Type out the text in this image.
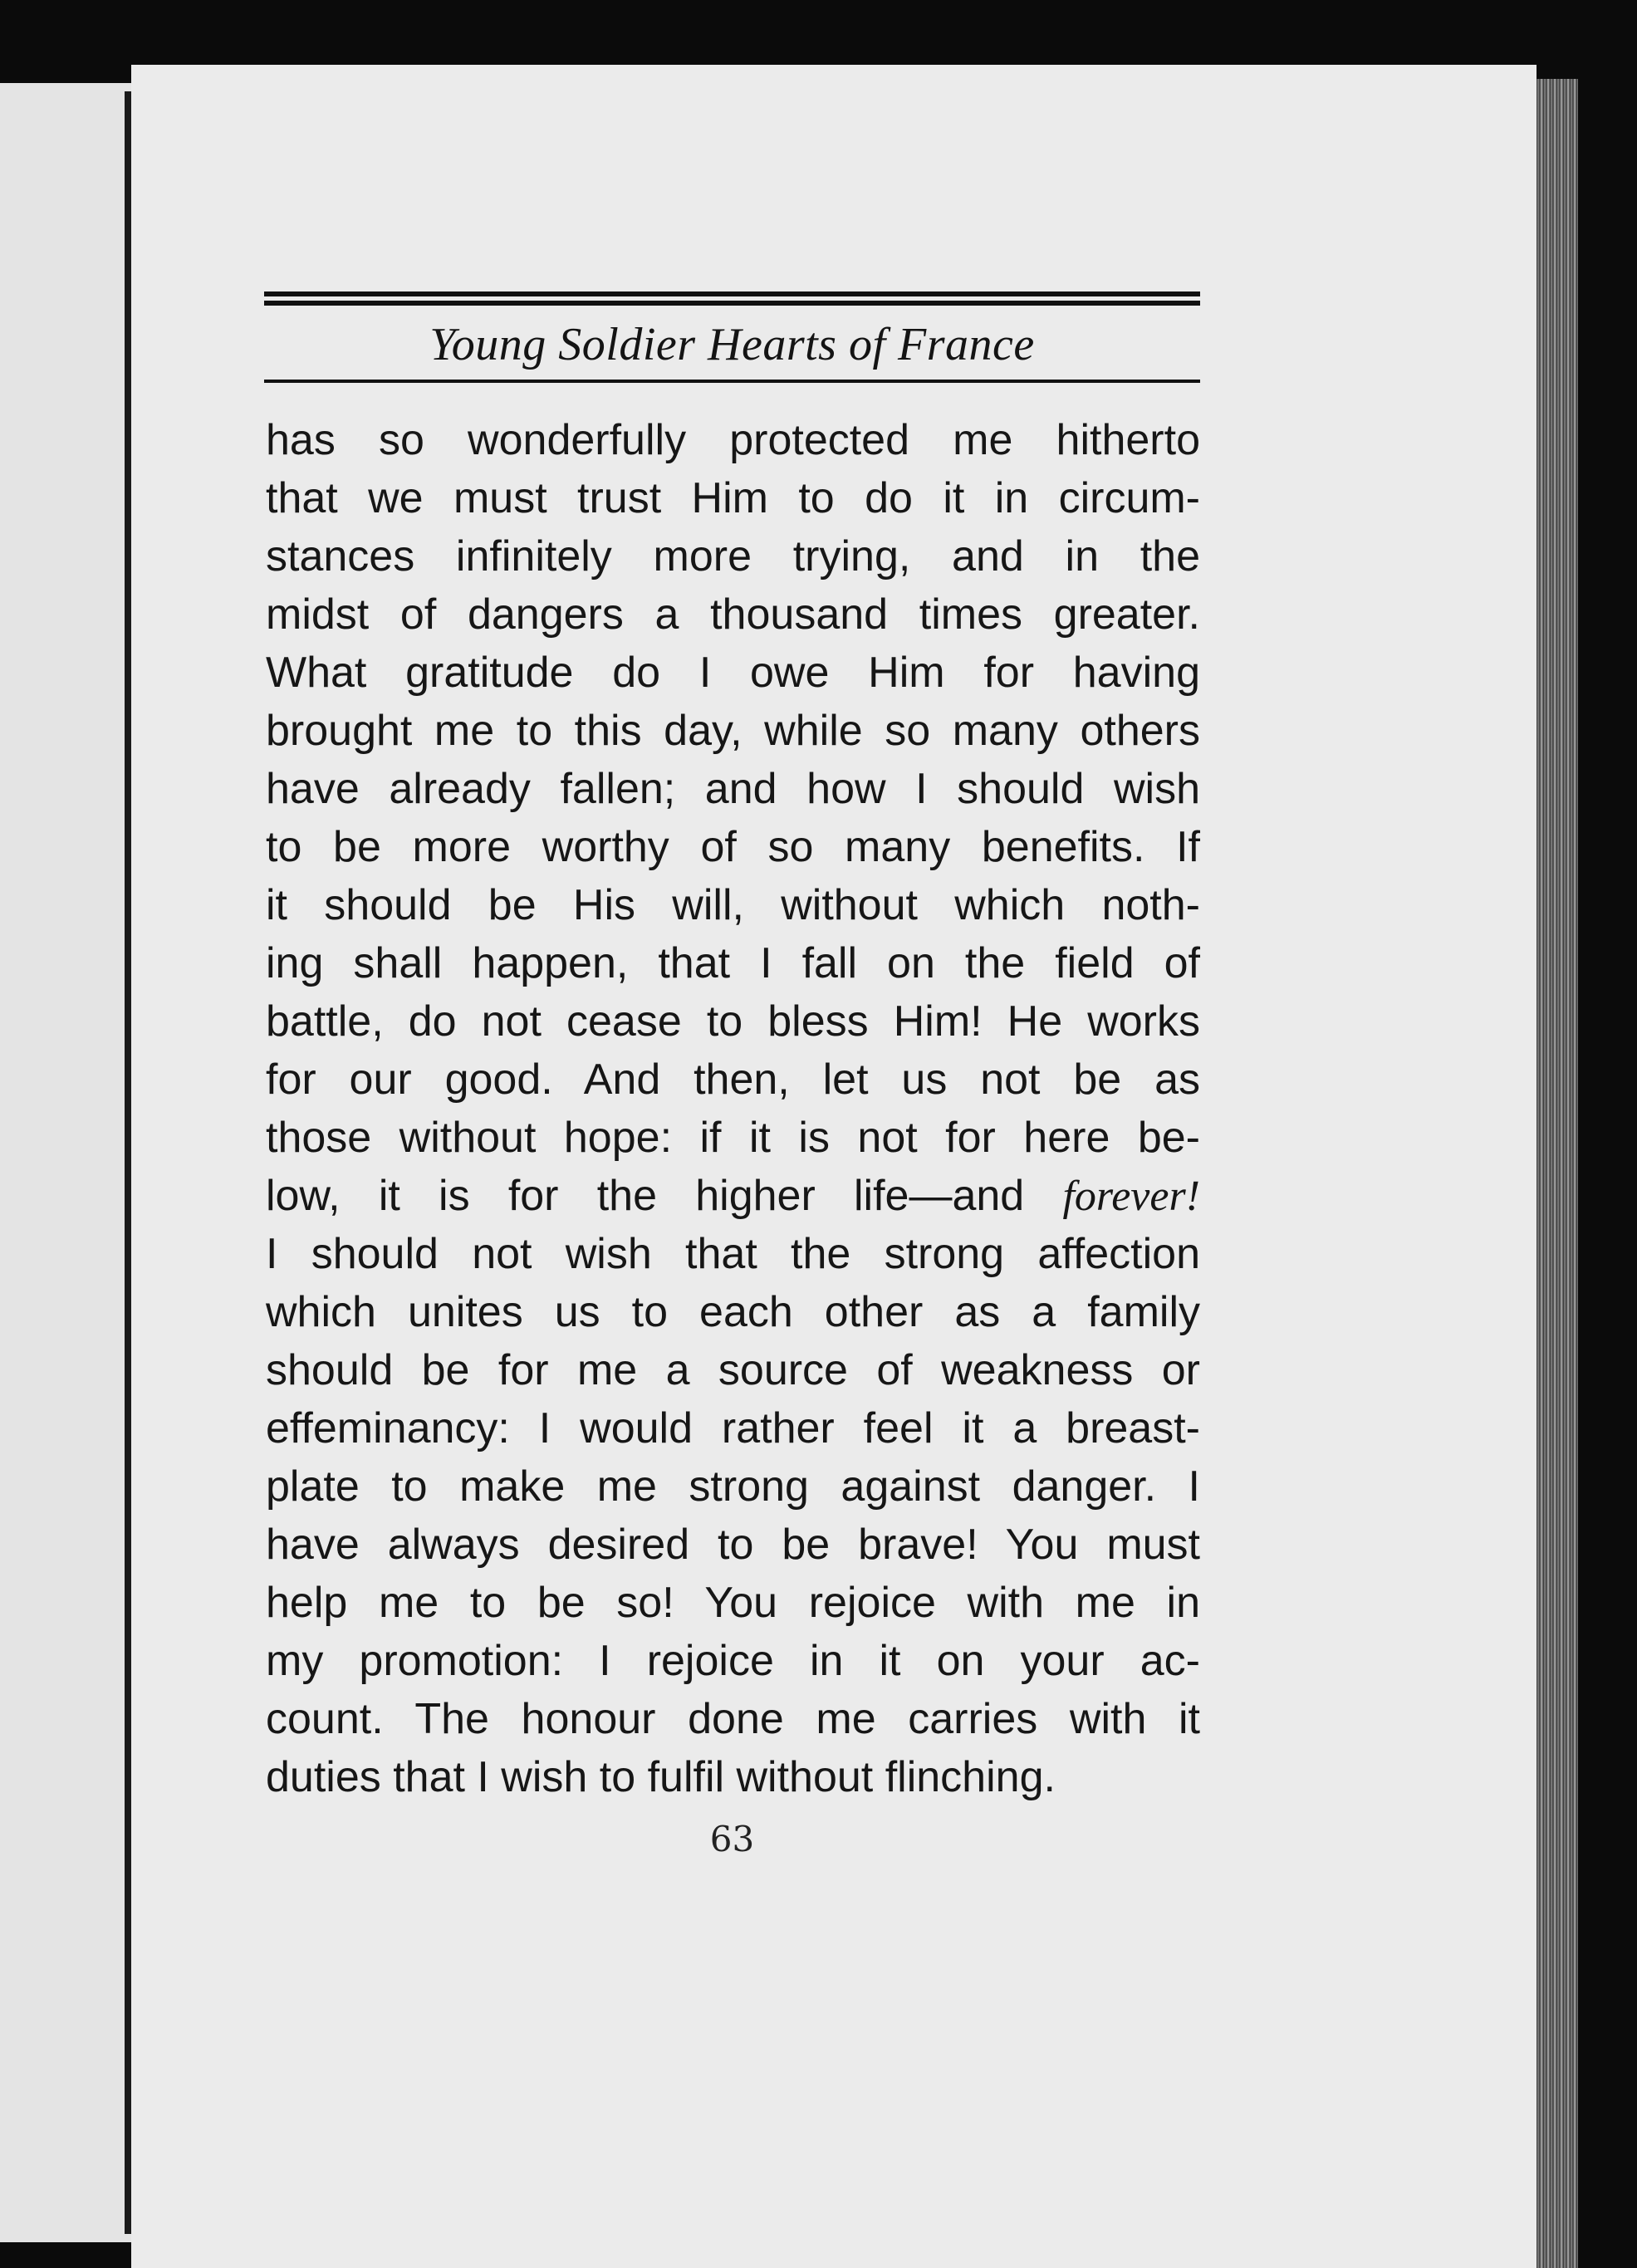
Young Soldier Hearts of France
has so wonderfully protected me hitherto
that we must trust Him to do it in circum-
stances infinitely more trying, and in the
midst of dangers a thousand times greater.
What gratitude do I owe Him for having
brought me to this day, while so many others
have already fallen; and how I should wish
to be more worthy of so many benefits. If
it should be His will, without which noth-
ing shall happen, that I fall on the field of
battle, do not cease to bless Him! He works
for our good. And then, let us not be as
those without hope: if it is not for here be-
low, it is for the higher life—and forever!
I should not wish that the strong affection
which unites us to each other as a family
should be for me a source of weakness or
effeminancy: I would rather feel it a breast-
plate to make me strong against danger. I
have always desired to be brave! You must
help me to be so! You rejoice with me in
my promotion: I rejoice in it on your ac-
count. The honour done me carries with it
duties that I wish to fulfil without flinching.
63
